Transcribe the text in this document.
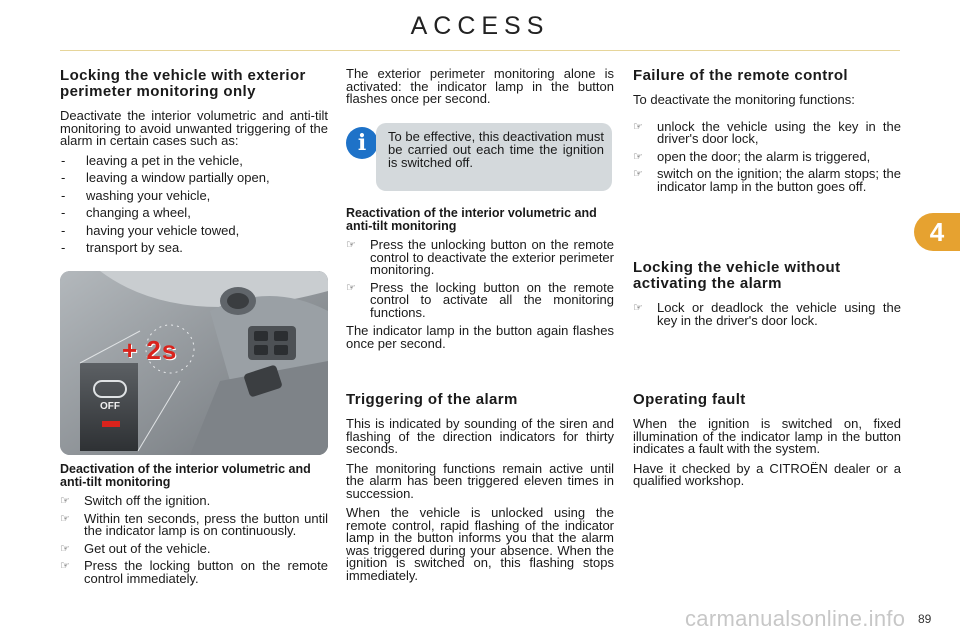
ACCESS
Locking the vehicle with exterior perimeter monitoring only
Deactivate the interior volumetric and anti-tilt monitoring to avoid unwanted triggering of the alarm in certain cases such as:
- leaving a pet in the vehicle,
- leaving a window partially open,
- washing your vehicle,
- changing a wheel,
- having your vehicle towed,
- transport by sea.
+ 2s
OFF
Deactivation of the interior volumetric and anti-tilt monitoring
☞ Switch off the ignition.
☞ Within ten seconds, press the button until the indicator lamp is on continuously.
☞ Get out of the vehicle.
☞ Press the locking button on the remote control immediately.
The exterior perimeter monitoring alone is activated: the indicator lamp in the button flashes once per second.
i	To be effective, this deactivation must be carried out each time the ignition is switched off.
Reactivation of the interior volumetric and anti-tilt monitoring
☞ Press the unlocking button on the remote control to deactivate the exterior perimeter monitoring.
☞ Press the locking button on the remote control to activate all the monitoring functions.
The indicator lamp in the button again flashes once per second.
Triggering of the alarm
This is indicated by sounding of the siren and flashing of the direction indicators for thirty seconds.
The monitoring functions remain active until the alarm has been triggered eleven times in succession.
When the vehicle is unlocked using the remote control, rapid flashing of the indicator lamp in the button informs you that the alarm was triggered during your absence. When the ignition is switched on, this flashing stops immediately.
Failure of the remote control
To deactivate the monitoring functions:
☞ unlock the vehicle using the key in the driver's door lock,
☞ open the door; the alarm is triggered,
☞ switch on the ignition; the alarm stops; the indicator lamp in the button goes off.
Locking the vehicle without activating the alarm
☞ Lock or deadlock the vehicle using the key in the driver's door lock.
Operating fault
When the ignition is switched on, fixed illumination of the indicator lamp in the button indicates a fault with the system.
Have it checked by a CITROËN dealer or a qualified workshop.
4
carmanualsonline.info 89
